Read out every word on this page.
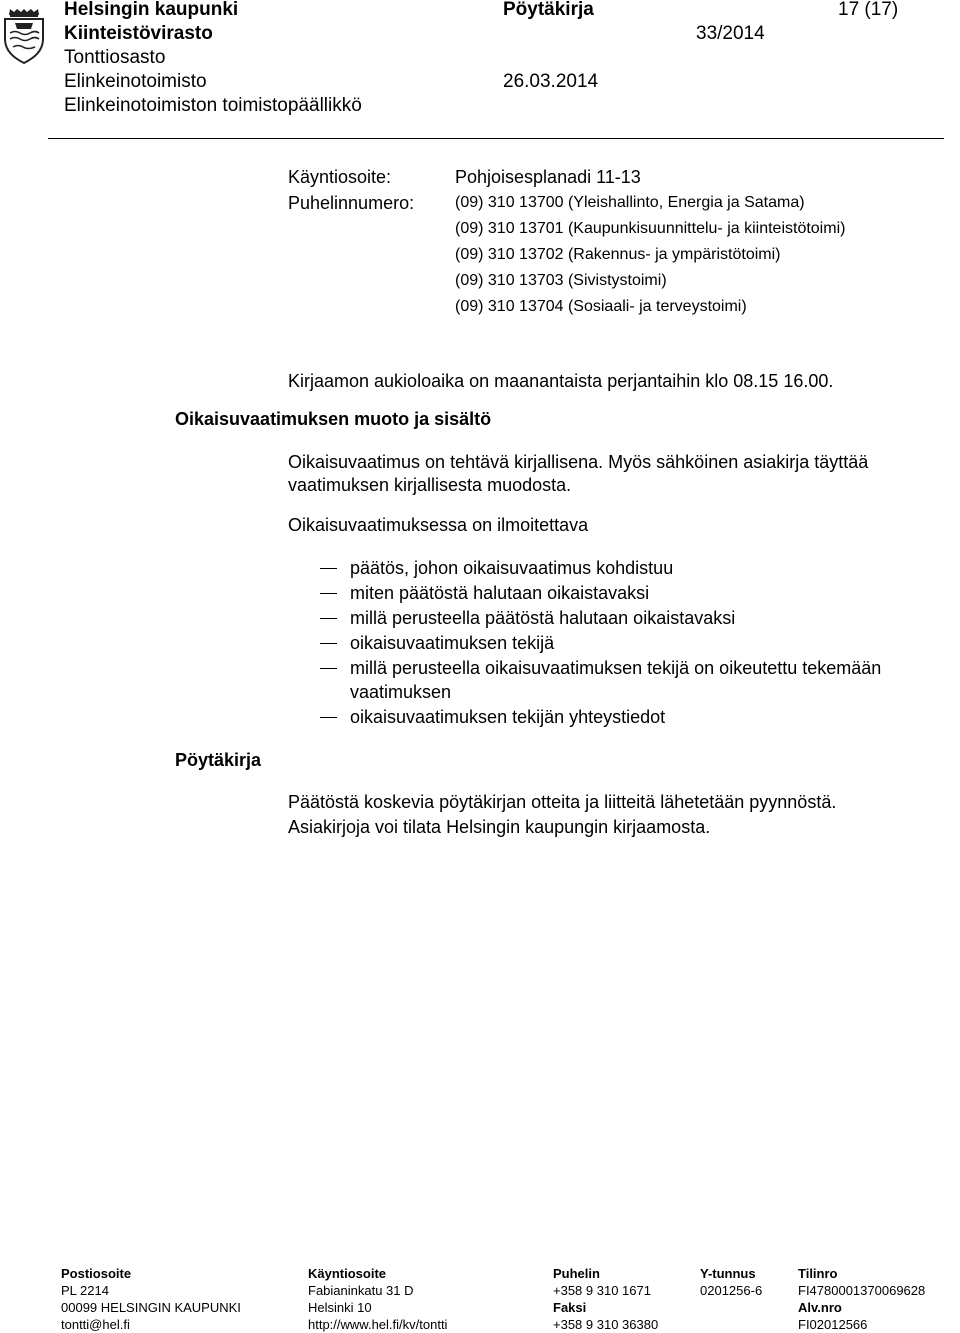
Helsingin kaupunki
Kiinteistövirasto
Tonttiosasto
Elinkeinotoimisto
Elinkeinotoimiston toimistopäällikkö
Pöytäkirja
33/2014
26.03.2014
17 (17)
Käyntiosoite:	Pohjoisesplanadi 11-13
Puhelinnumero:	(09) 310 13700 (Yleishallinto, Energia ja Satama)
(09) 310 13701 (Kaupunkisuunnittelu- ja kiinteistötoimi)
(09) 310 13702 (Rakennus- ja ympäristötoimi)
(09) 310 13703 (Sivistystoimi)
(09) 310 13704 (Sosiaali- ja terveystoimi)
Kirjaamon aukioloaika on maanantaista perjantaihin klo 08.15 16.00.
Oikaisuvaatimuksen muoto ja sisältö
Oikaisuvaatimus on tehtävä kirjallisena. Myös sähköinen asiakirja täyttää vaatimuksen kirjallisesta muodosta.
Oikaisuvaatimuksessa on ilmoitettava
päätös, johon oikaisuvaatimus kohdistuu
miten päätöstä halutaan oikaistavaksi
millä perusteella päätöstä halutaan oikaistavaksi
oikaisuvaatimuksen tekijä
millä perusteella oikaisuvaatimuksen tekijä on oikeutettu tekemään vaatimuksen
oikaisuvaatimuksen tekijän yhteystiedot
Pöytäkirja
Päätöstä koskevia pöytäkirjan otteita ja liitteitä lähetetään pyynnöstä.
Asiakirjoja voi tilata Helsingin kaupungin kirjaamosta.
Postiosoite
PL 2214
00099 HELSINGIN KAUPUNKI
tontti@hel.fi
Käyntiosoite
Fabianinkatu 31 D
Helsinki 10
http://www.hel.fi/kv/tontti
Puhelin
+358 9 310 1671
Faksi
+358 9 310 36380
Y-tunnus
0201256-6
Tilinro
FI4780001370069628
Alv.nro
FI02012566
